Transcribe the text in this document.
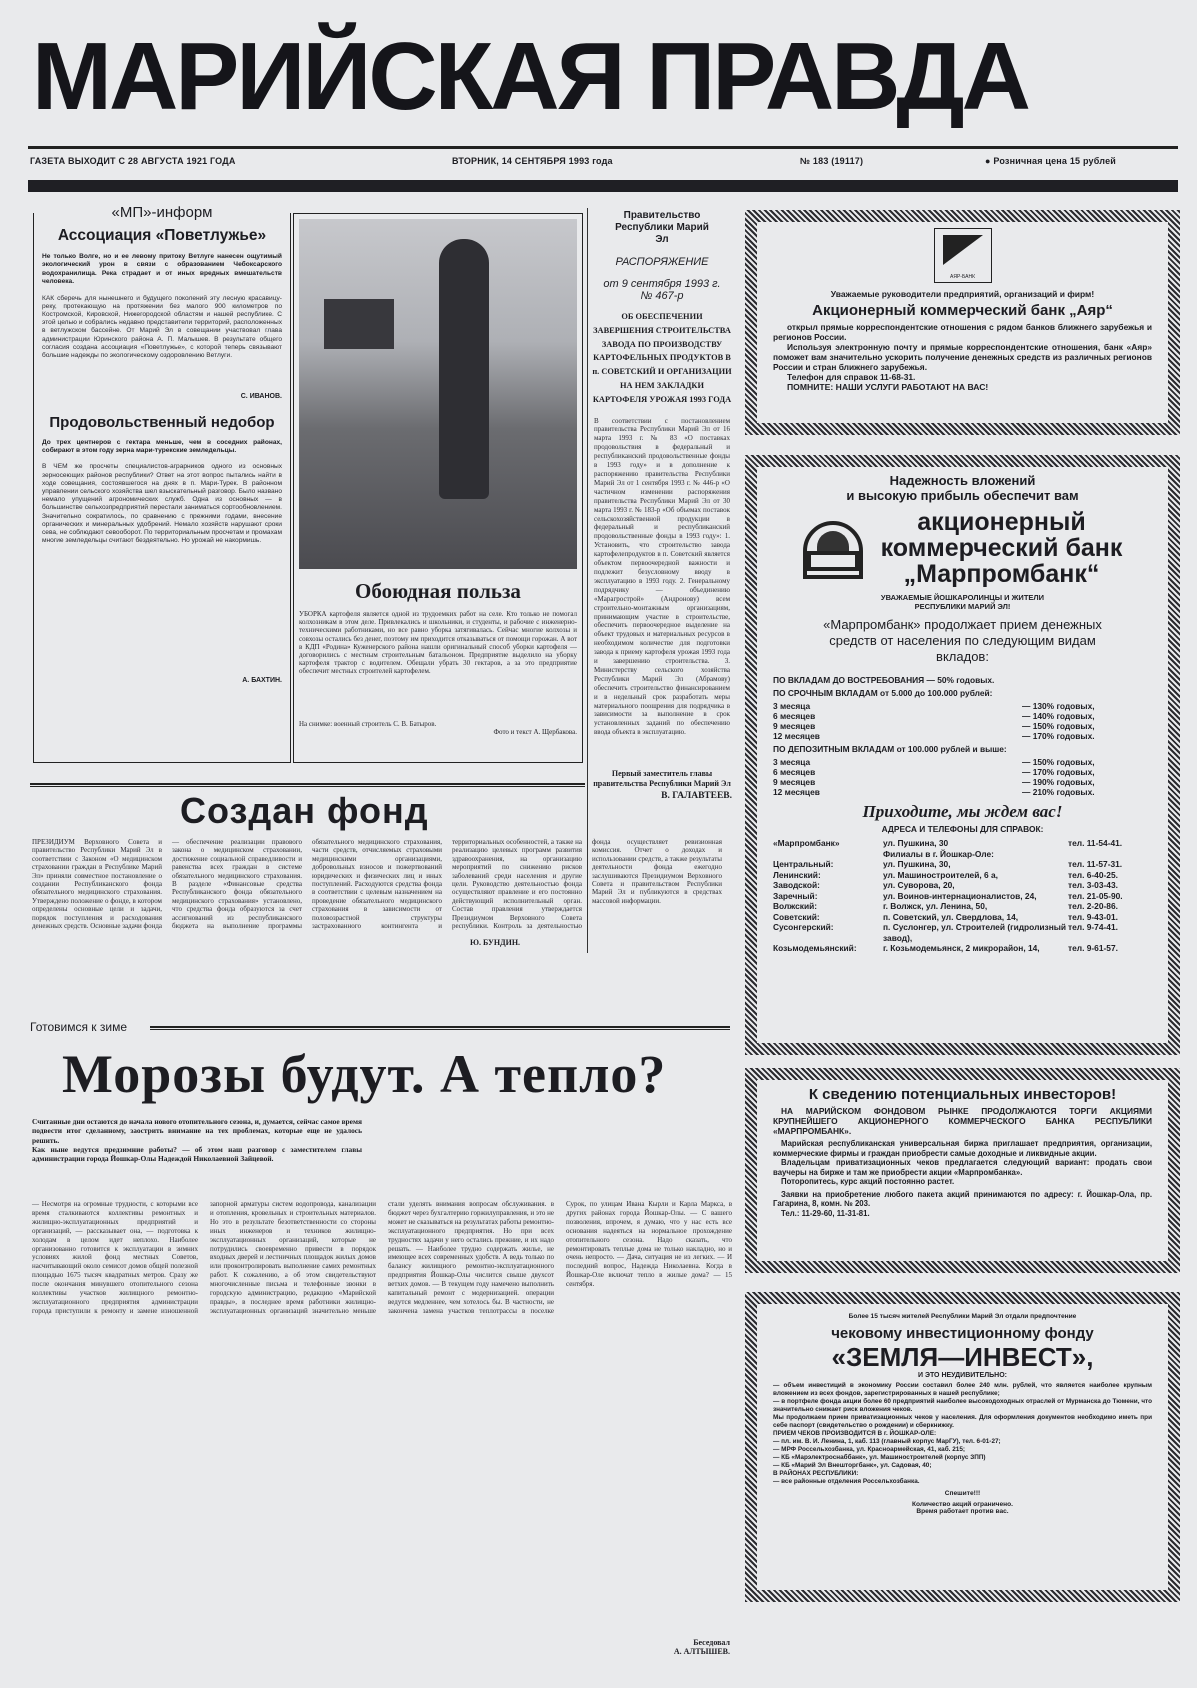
МАРИЙСКАЯ ПРАВДА
ГАЗЕТА ВЫХОДИТ С 28 АВГУСТА 1921 ГОДА	ВТОРНИК, 14 СЕНТЯБРЯ 1993 года	№ 183 (19117)	● Розничная цена 15 рублей
«МП»-информ
Ассоциация «Поветлужье»
Не только Волге, но и ее левому притоку Ветлуге нанесен ощутимый экологический урон в связи с образованием Чебоксарского водохранилища. Река страдает и от иных вредных вмешательств человека.
КАК сберечь для нынешнего и будущего поколений эту лесную красавицу-реку, протекающую на протяжении без малого 900 километров по Костромской, Кировской, Нижегородской областям и нашей республике. С этой целью и собрались недавно представители территорий, расположенных в ветлужском бассейне. От Марий Эл в совещании участвовал глава администрации Юринского района А. П. Малышев. В результате общего согласия создана ассоциация «Поветлужье», с которой теперь связывают большие надежды по экологическому оздоровлению Ветлуги.
С. ИВАНОВ.
Продовольственный недобор
До трех центнеров с гектара меньше, чем в соседних районах, собирают в этом году зерна мари-турекские земледельцы.
В ЧЕМ же просчеты специалистов-аграрников одного из основных зерносеющих районов республики? Ответ на этот вопрос пытались найти в ходе совещания, состоявшегося на днях в п. Мари-Турек. В районном управлении сельского хозяйства шел взыскательный разговор. Было названо немало упущений агрономических служб. Одна из основных — в большинстве сельхозпредприятий перестали заниматься сортообновлением. Значительно сократилось, по сравнению с прежними годами, внесение органических и минеральных удобрений. Немало хозяйств нарушают сроки сева, не соблюдают севооборот. По территориальным просчетам и промахам многие земледельцы считают бездеятельно. Но урожай не накормишь.
А. БАХТИН.
Обоюдная польза
УБОРКА картофеля является одной из трудоемких работ на селе. Кто только не помогал колхозникам в этом деле. Привлекались и школьники, и студенты, и рабочие с инженерно-техническими работниками, но все равно уборка затягивалась. Сейчас многие колхозы и совхозы остались без денег, поэтому им приходится отказываться от помощи горожан. А вот в КДП «Родина» Куженерского района нашли оригинальный способ уборки картофеля — договорились с местным строительным батальоном. Предприятие выделило на уборку картофеля трактор с водителем. Обещали убрать 30 гектаров, а за это предприятие обеспечит местных строителей картофелем.
На снимке: военный строитель С. В. Батыров.
Фото и текст А. Щербакова.
Правительство Республики Марий Эл
РАСПОРЯЖЕНИЕ
от 9 сентября 1993 г.
№ 467-р
ОБ ОБЕСПЕЧЕНИИ ЗАВЕРШЕНИЯ СТРОИТЕЛЬСТВА ЗАВОДА ПО ПРОИЗВОДСТВУ КАРТОФЕЛЬНЫХ ПРОДУКТОВ В п. СОВЕТСКИЙ И ОРГАНИЗАЦИИ НА НЕМ ЗАКЛАДКИ КАРТОФЕЛЯ УРОЖАЯ 1993 ГОДА
В соответствии с постановлением правительства Республики Марий Эл от 16 марта 1993 г. № 83 «О поставках продовольствия в федеральный и республиканский продовольственные фонды в 1993 году» и в дополнение к распоряжению правительства Республики Марий Эл от 1 сентября 1993 г. № 446-р «О частичном изменении распоряжения правительства Республики Марий Эл от 30 марта 1993 г. № 183-р «Об объемах поставок сельскохозяйственной продукции в федеральный и республиканский продовольственные фонды в 1993 году»: 1. Установить, что строительство завода картофелепродуктов в п. Советский является объектом первоочередной важности и подлежит безусловному вводу в эксплуатацию в 1993 году. 2. Генеральному подрядчику — объединению «Марагрострой» (Андронову) всем строительно-монтажным организациям, принимающим участие в строительстве, обеспечить первоочередное выделение на объект трудовых и материальных ресурсов в необходимом количестве для подготовки завода к приему картофеля урожая 1993 года и завершению строительства. 3. Министерству сельского хозяйства Республики Марий Эл (Абрамову) обеспечить строительство финансированием и в недельный срок разработать меры материального поощрения для подрядчика в зависимости за выполнение в срок установленных заданий по обеспечению ввода объекта в эксплуатацию.
Первый заместитель главы правительства Республики Марий Эл
В. ГАЛАВТЕЕВ.
Создан фонд
ПРЕЗИДИУМ Верховного Совета и правительство Республики Марий Эл в соответствии с Законом «О медицинском страховании граждан в Республике Марий Эл» приняли совместное постановление о создании Республиканского фонда обязательного медицинского страхования. Утверждено положение о фонде, в котором определены основные цели и задачи, порядок поступления и расходования денежных средств. Основные задачи фонда — обеспечение реализации правового закона о медицинском страховании, достижение социальной справедливости и равенства всех граждан в системе обязательного медицинского страхования. В разделе «Финансовые средства Республиканского фонда обязательного медицинского страхования» установлено, что средства фонда образуются за счет ассигнований из республиканского бюджета на выполнение программы обязательного медицинского страхования, части средств, отчисляемых страховыми медицинскими организациями, добровольных взносов и пожертвований юридических и физических лиц и иных поступлений. Расходуются средства фонда в соответствии с целевым назначением на проведение обязательного медицинского страхования в зависимости от половозрастной структуры застрахованного контингента и территориальных особенностей, а также на реализацию целевых программ развития здравоохранения, на организацию мероприятий по снижению рисков заболеваний среди населения и другие цели. Руководство деятельностью фонда осуществляют правление и его постоянно действующий исполнительный орган. Состав правления утверждается Президиумом Верховного Совета республики. Контроль за деятельностью фонда осуществляет ревизионная комиссия. Отчет о доходах и использовании средств, а также результаты деятельности фонда ежегодно заслушиваются Президиумом Верховного Совета и правительством Республики Марий Эл и публикуются в средствах массовой информации.
Ю. БУНДИН.
Готовимся к зиме
Морозы будут. А тепло?
Считанные дни остаются до начала нового отопительного сезона, и, думается, сейчас самое время подвести итог сделанному, заострить внимание на тех проблемах, которые еще не удалось решить.
Как ныне ведутся предзимние работы? — об этом наш разговор с заместителем главы администрации города Йошкар-Олы Надеждой Николаевной Зайцевой.
— Несмотря на огромные трудности, с которыми все время сталкиваются коллективы ремонтных и жилищно-эксплуатационных предприятий и организаций, — рассказывает она, — подготовка к холодам в целом идет неплохо. Наиболее организованно готовится к эксплуатации в зимних условиях жилой фонд местных Советов, насчитывающий около семисот домов общей полезной площадью 1675 тысяч квадратных метров. Сразу же после окончания минувшего отопительного сезона коллективы участков жилищного ремонтно-эксплуатационного предприятия администрации города приступили к ремонту и замене изношенной запорной арматуры систем водопровода, канализации и отопления, кровельных и строительных материалов. Но это в результате безответственности со стороны иных инженеров и техников жилищно-эксплуатационных организаций, которые не потрудились своевременно привести в порядок входных дверей и лестничных площадок жилых домов или проконтролировать выполнение самих ремонтных работ. К сожалению, а об этом свидетельствуют многочисленные письма и телефонные звонки в городскую администрацию, редакцию «Марийской правды», в последнее время работники жилищно-эксплуатационных организаций значительно меньше стали уделять внимания вопросам обслуживания. в бюджет через бухгалтерию горжилуправления, и это не может не сказываться на результатах работы ремонтно-эксплуатационного предприятия. Но при всех трудностях задачи у него остались прежние, и их надо решать. — Наиболее трудно содержать жилье, не имеющее всех современных удобств. А ведь только по балансу жилищного ремонтно-эксплуатационного предприятия Йошкар-Олы числится свыше двухсот ветхих домов. — В текущем году намечено выполнить капитальный ремонт с модернизацией. операции ведутся медленнее, чем хотелось бы. В частности, не закончена замена участков теплотрассы в поселке Сурок, по улицам Ивана Кырли и Карла Маркса, в других районах города Йошкар-Олы. — С вашего позволения, впрочем, я думаю, что у нас есть все основания надеяться на нормальное прохождение отопительного сезона. Надо сказать, что ремонтировать теплые дома не только накладно, но и очень непросто. — Дача, ситуация не из легких. — И последний вопрос, Надежда Николаевна. Когда в Йошкар-Оле включат тепло в жилые дома? — 15 сентября.
Беседовал
А. АЛТЫШЕВ.
АЯР-БАНК
Уважаемые руководители предприятий, организаций и фирм!
Акционерный коммерческий банк „Аяр“
открыл прямые корреспондентские отношения с рядом банков ближнего зарубежья и регионов России.
Используя электронную почту и прямые корреспондентские отношения, банк «Аяр» поможет вам значительно ускорить получение денежных средств из различных регионов России и стран ближнего зарубежья.
Телефон для справок 11-68-31.
ПОМНИТЕ: НАШИ УСЛУГИ РАБОТАЮТ НА ВАС!
Надежность вложений
и высокую прибыль обеспечит вам
акционерный
коммерческий банк
„Марпромбанк“
УВАЖАЕМЫЕ ЙОШКАРОЛИНЦЫ И ЖИТЕЛИ РЕСПУБЛИКИ МАРИЙ ЭЛ!
«Марпромбанк» продолжает прием денежных средств от населения по следующим видам вкладов:
ПО ВКЛАДАМ ДО ВОСТРЕБОВАНИЯ — 50% годовых.
ПО СРОЧНЫМ ВКЛАДАМ от 5.000 до 100.000 рублей:
3 месяца	— 130% годовых,
6 месяцев	— 140% годовых,
9 месяцев	— 150% годовых,
12 месяцев	— 170% годовых.
ПО ДЕПОЗИТНЫМ ВКЛАДАМ от 100.000 рублей и выше:
3 месяца	— 150% годовых,
6 месяцев	— 170% годовых,
9 месяцев	— 190% годовых,
12 месяцев	— 210% годовых.
Приходите, мы ждем вас!
АДРЕСА И ТЕЛЕФОНЫ ДЛЯ СПРАВОК:
«Марпромбанк»	ул. Пушкина, 30	тел. 11-54-41.
Филиалы в г. Йошкар-Оле:
Центральный:	ул. Пушкина, 30,	тел. 11-57-31.
Ленинский:	ул. Машиностроителей, 6 а,	тел. 6-40-25.
Заводской:	ул. Суворова, 20,	тел. 3-03-43.
Заречный:	ул. Воинов-интернационалистов, 24,	тел. 21-05-90.
Волжский:	г. Волжск, ул. Ленина, 50,	тел. 2-20-86.
Советский:	п. Советский, ул. Свердлова, 14,	тел. 9-43-01.
Сусонгерский:	п. Суслонгер, ул. Строителей (гидролизный завод),
тел. 9-74-41.
Козьмодемьянский:	г. Козьмодемьянск, 2 микрорайон, 14,	тел. 9-61-57.
К сведению потенциальных инвесторов!
НА МАРИЙСКОМ ФОНДОВОМ РЫНКЕ ПРОДОЛЖАЮТСЯ ТОРГИ АКЦИЯМИ КРУПНЕЙШЕГО АКЦИОНЕРНОГО КОММЕРЧЕСКОГО БАНКА РЕСПУБЛИКИ «МАРПРОМБАНК».
Марийская республиканская универсальная биржа приглашает предприятия, организации, коммерческие фирмы и граждан приобрести самые доходные и ликвидные акции.
Владельцам приватизационных чеков предлагается следующий вариант: продать свои ваучеры на бирже и там же приобрести акции «Марпромбанка».
Поторопитесь, курс акций постоянно растет.
Заявки на приобретение любого пакета акций принимаются по адресу: г. Йошкар-Ола, пр. Гагарина, 8, комн. № 203.
Тел.: 11-29-60, 11-31-81.
Более 15 тысяч жителей Республики Марий Эл отдали предпочтение
чековому инвестиционному фонду
«ЗЕМЛЯ—ИНВЕСТ»,
И ЭТО НЕУДИВИТЕЛЬНО:
— объем инвестиций в экономику России составил более 240 млн. рублей, что является наиболее крупным вложением из всех фондов, зарегистрированных в нашей республике;
— в портфеле фонда акции более 60 предприятий наиболее высокодоходных отраслей от Мурманска до Тюмени, что значительно снижает риск вложения чеков.
Мы продолжаем прием приватизационных чеков у населения. Для оформления документов необходимо иметь при себе паспорт (свидетельство о рождении) и сберкнижку.
ПРИЕМ ЧЕКОВ ПРОИЗВОДИТСЯ В г. ЙОШКАР-ОЛЕ:
— пл. им. В. И. Ленина, 1, каб. 113 (главный корпус МарГУ), тел. 6-01-27;
— МРФ Россельхозбанка, ул. Красноармейская, 41, каб. 215;
— КБ «Марэлектроснаббанк», ул. Машиностроителей (корпус ЗПП)
— КБ «Марий Эл Внешторгбанк», ул. Садовая, 40;
В РАЙОНАХ РЕСПУБЛИКИ:
— все районные отделения Россельхозбанка.
Спешите!!!
Количество акций ограничено.
Время работает против вас.
